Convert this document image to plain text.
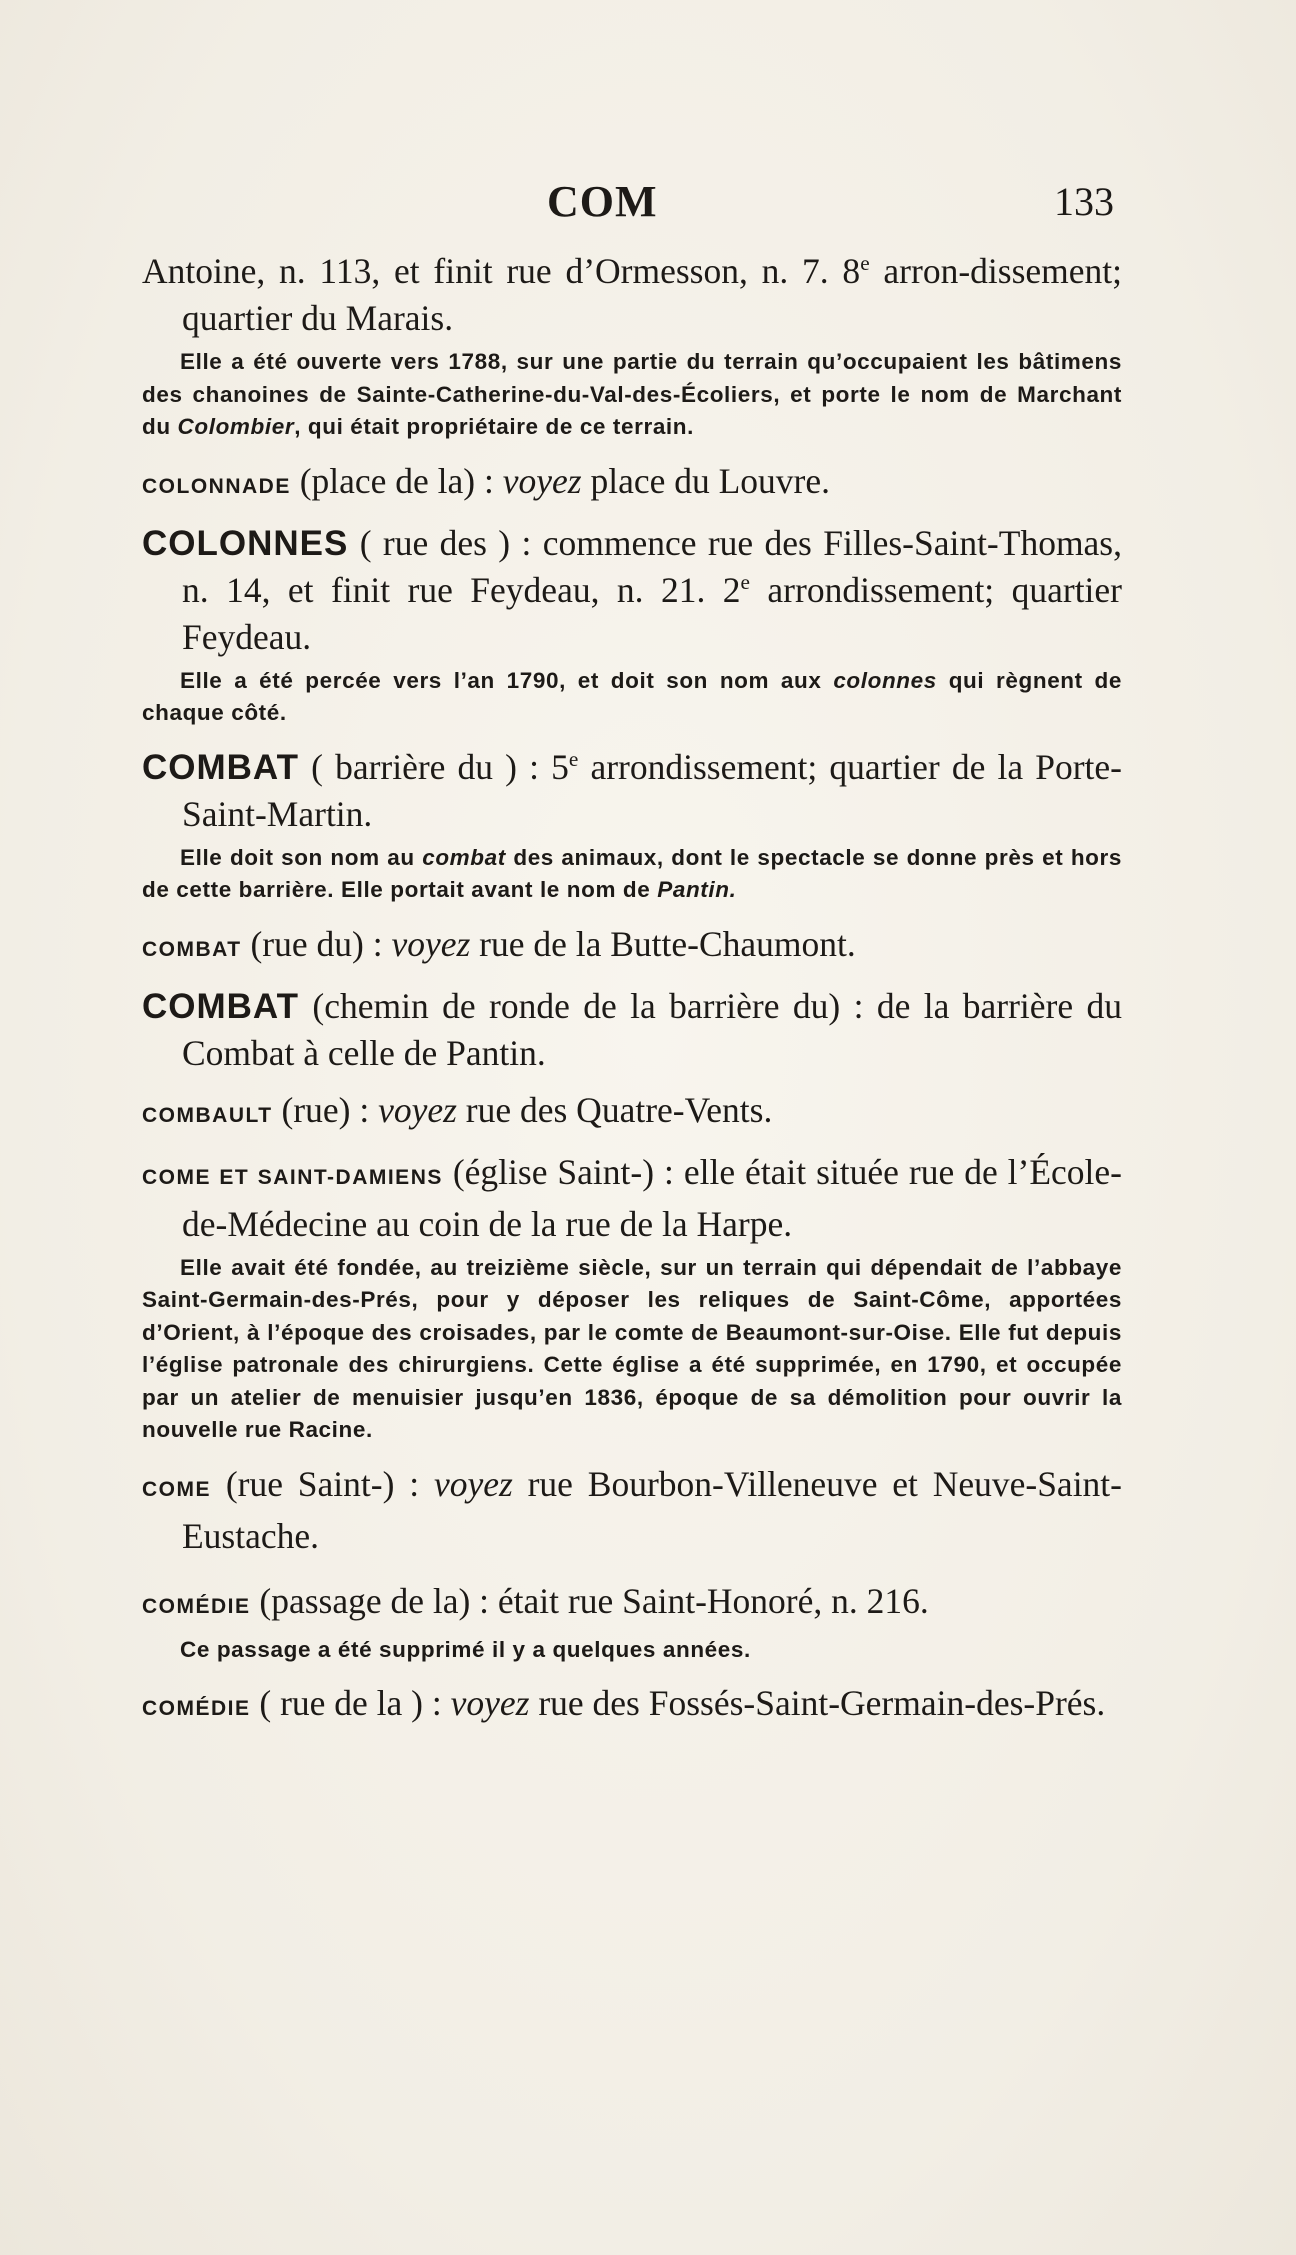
COM	133

Antoine, n. 113, et finit rue d’Ormesson, n. 7. 8e arron-dissement; quartier du Marais.

Elle a été ouverte vers 1788, sur une partie du terrain qu’occupaient les bâtimens des chanoines de Sainte-Catherine-du-Val-des-Écoliers, et porte le nom de Marchant du Colombier, qui était propriétaire de ce terrain.

COLONNADE (place de la) : voyez place du Louvre.

COLONNES ( rue des ) : commence rue des Filles-Saint-Thomas, n. 14, et finit rue Feydeau, n. 21. 2e arrondissement; quartier Feydeau.

Elle a été percée vers l’an 1790, et doit son nom aux colonnes qui règnent de chaque côté.

COMBAT ( barrière du ) : 5e arrondissement; quartier de la Porte-Saint-Martin.

Elle doit son nom au combat des animaux, dont le spectacle se donne près et hors de cette barrière. Elle portait avant le nom de Pantin.

COMBAT (rue du) : voyez rue de la Butte-Chaumont.

COMBAT (chemin de ronde de la barrière du) : de la barrière du Combat à celle de Pantin.

COMBAULT (rue) : voyez rue des Quatre-Vents.

COME ET SAINT-DAMIENS (église Saint-) : elle était située rue de l’École-de-Médecine au coin de la rue de la Harpe.

Elle avait été fondée, au treizième siècle, sur un terrain qui dépendait de l’abbaye Saint-Germain-des-Prés, pour y déposer les reliques de Saint-Côme, apportées d’Orient, à l’époque des croisades, par le comte de Beaumont-sur-Oise. Elle fut depuis l’église patronale des chirurgiens. Cette église a été supprimée, en 1790, et occupée par un atelier de menuisier jusqu’en 1836, époque de sa démolition pour ouvrir la nouvelle rue Racine.

COME (rue Saint-) : voyez rue Bourbon-Villeneuve et Neuve-Saint-Eustache.

COMÉDIE (passage de la) : était rue Saint-Honoré, n. 216.

Ce passage a été supprimé il y a quelques années.

COMÉDIE ( rue de la ) : voyez rue des Fossés-Saint-Germain-des-Prés.
